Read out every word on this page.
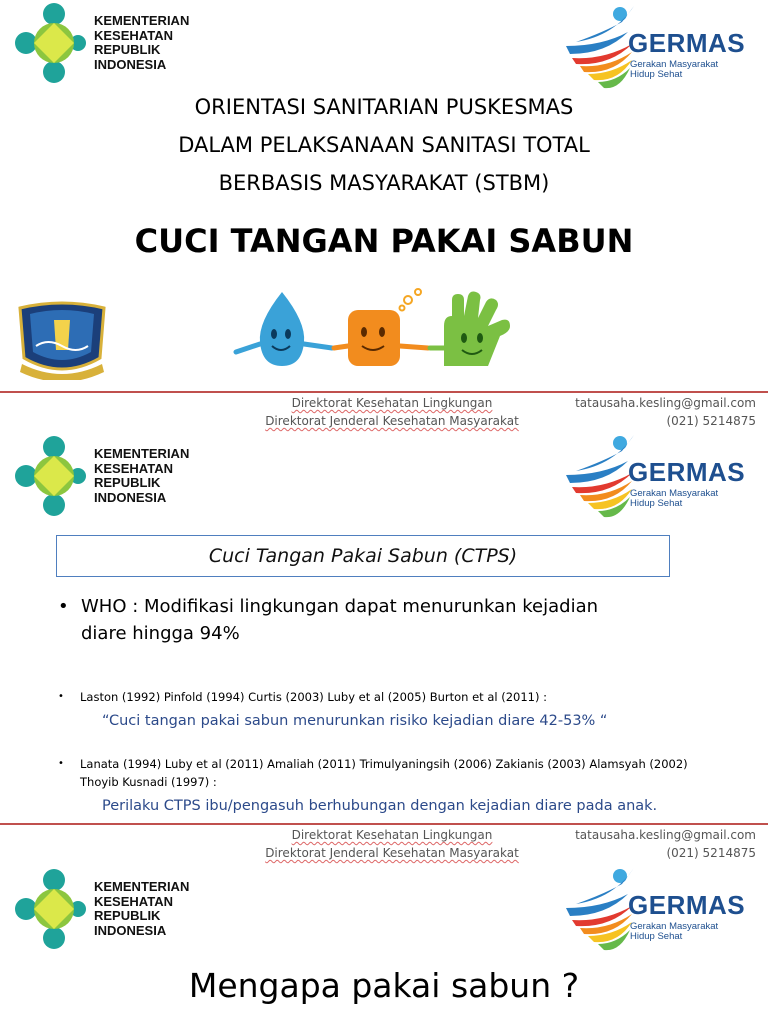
KEMENTERIAN
KESEHATAN
REPUBLIK
INDONESIA
GERMAS
Gerakan Masyarakat
Hidup Sehat
ORIENTASI SANITARIAN PUSKESMAS
DALAM PELAKSANAAN SANITASI TOTAL
BERBASIS MASYARAKAT (STBM)
CUCI TANGAN PAKAI SABUN
Direktorat Kesehatan Lingkungan
Direktorat Jenderal Kesehatan Masyarakat
tatausaha.kesling@gmail.com
(021) 5214875
KEMENTERIAN
KESEHATAN
REPUBLIK
INDONESIA
GERMAS
Gerakan Masyarakat
Hidup Sehat
Cuci Tangan Pakai Sabun (CTPS)
• WHO : Modifikasi lingkungan dapat menurunkan kejadian
diare hingga 94%
•	Laston (1992) Pinfold (1994) Curtis (2003) Luby et al (2005) Burton et al (2011) :
“Cuci tangan pakai sabun menurunkan risiko kejadian diare 42-53% “
• Lanata (1994) Luby et al (2011) Amaliah (2011) Trimulyaningsih (2006) Zakianis (2003) Alamsyah (2002)
Thoyib Kusnadi (1997) :
Perilaku CTPS ibu/pengasuh berhubungan dengan kejadian diare pada anak.
Direktorat Kesehatan Lingkungan
Direktorat Jenderal Kesehatan Masyarakat
tatausaha.kesling@gmail.com
(021) 5214875
KEMENTERIAN
KESEHATAN
REPUBLIK
INDONESIA
GERMAS
Gerakan Masyarakat
Hidup Sehat
Mengapa pakai sabun ?
